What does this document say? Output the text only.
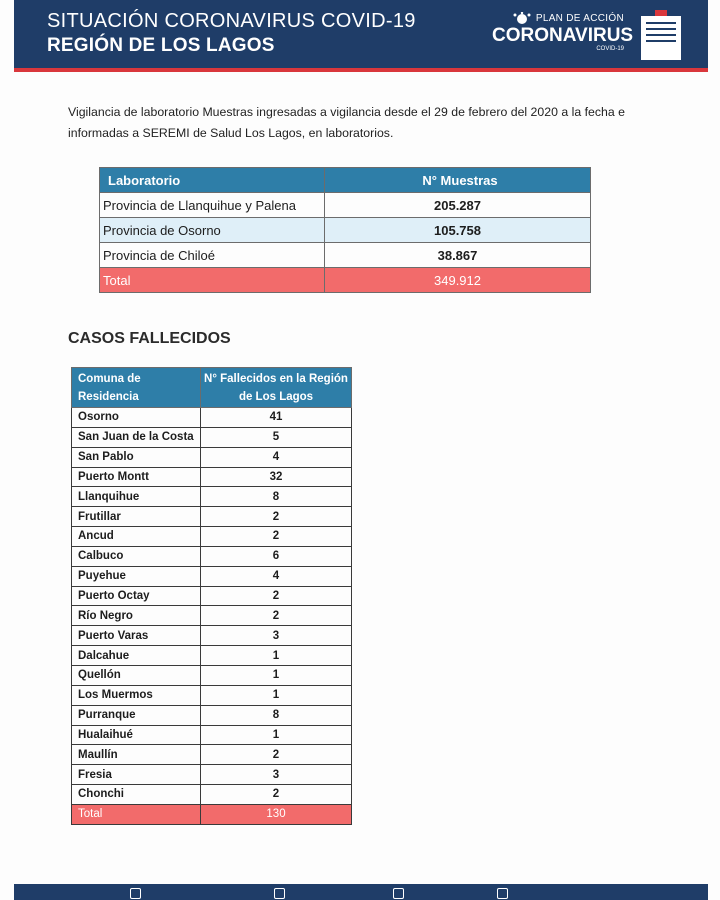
SITUACIÓN CORONAVIRUS COVID-19
REGIÓN DE LOS LAGOS
PLAN DE ACCIÓN
CORONAVIRUS
COVID-19

Vigilancia de laboratorio Muestras ingresadas a vigilancia desde el 29 de febrero del 2020 a la fecha e informadas a SEREMI de Salud Los Lagos, en laboratorios.

Laboratorio	N° Muestras
Provincia de Llanquihue y Palena	205.287
Provincia de Osorno	105.758
Provincia de Chiloé	38.867
Total	349.912
CASOS FALLECIDOS
Comuna de Residencia	N° Fallecidos en la Región de Los Lagos
Osorno	41
San Juan de la Costa	5
San Pablo	4
Puerto Montt	32
Llanquihue	8
Frutillar	2
Ancud	2
Calbuco	6
Puyehue	4
Puerto Octay	2
Río Negro	2
Puerto Varas	3
Dalcahue	1
Quellón	1
Los Muermos	1
Purranque	8
Hualaihué	1
Maullín	2
Fresia	3
Chonchi	2
Total	130
